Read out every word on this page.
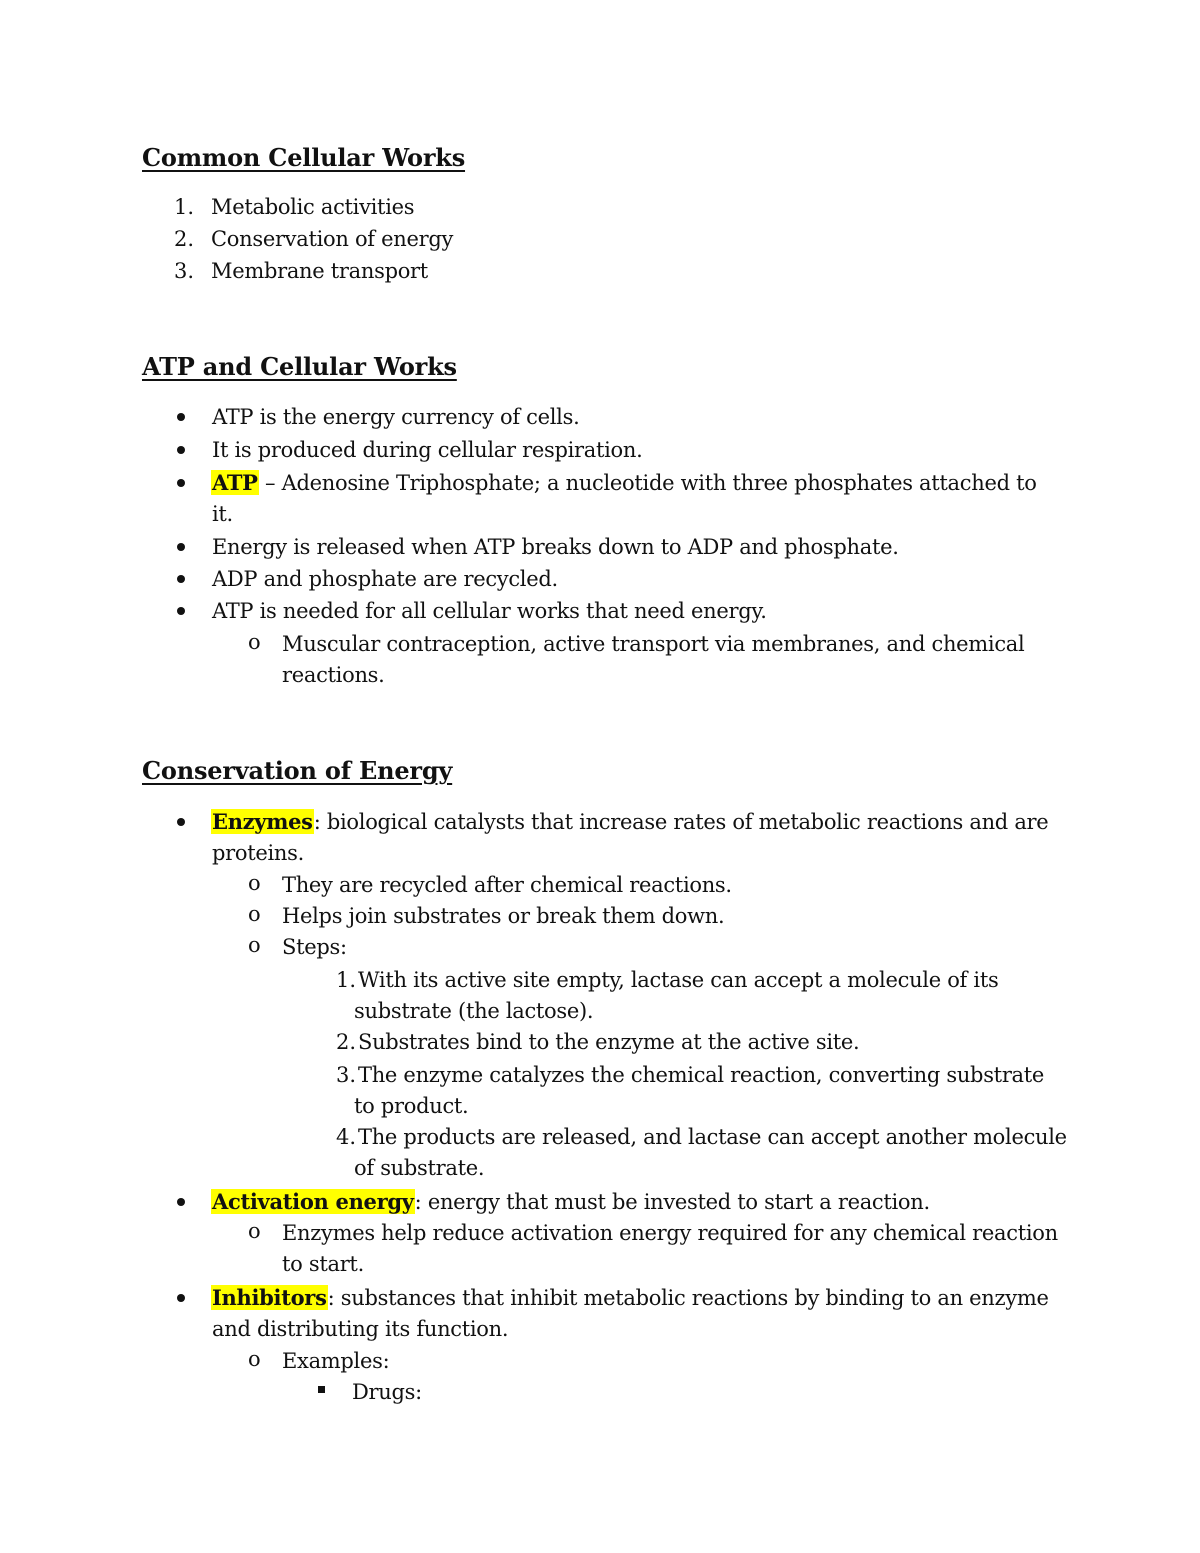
Common Cellular Works
1. Metabolic activities
2. Conservation of energy
3. Membrane transport
ATP and Cellular Works
ATP is the energy currency of cells.
It is produced during cellular respiration.
ATP – Adenosine Triphosphate; a nucleotide with three phosphates attached to
it.
Energy is released when ATP breaks down to ADP and phosphate.
ADP and phosphate are recycled.
ATP is needed for all cellular works that need energy.
o Muscular contraception, active transport via membranes, and chemical
reactions.
Conservation of Energy
Enzymes: biological catalysts that increase rates of metabolic reactions and are
proteins.
o They are recycled after chemical reactions.
o Helps join substrates or break them down.
o Steps:
1. With its active site empty, lactase can accept a molecule of its
substrate (the lactose).
2. Substrates bind to the enzyme at the active site.
3. The enzyme catalyzes the chemical reaction, converting substrate
to product.
4. The products are released, and lactase can accept another molecule
of substrate.
Activation energy: energy that must be invested to start a reaction.
o Enzymes help reduce activation energy required for any chemical reaction
to start.
Inhibitors: substances that inhibit metabolic reactions by binding to an enzyme
and distributing its function.
o Examples:
Drugs:
